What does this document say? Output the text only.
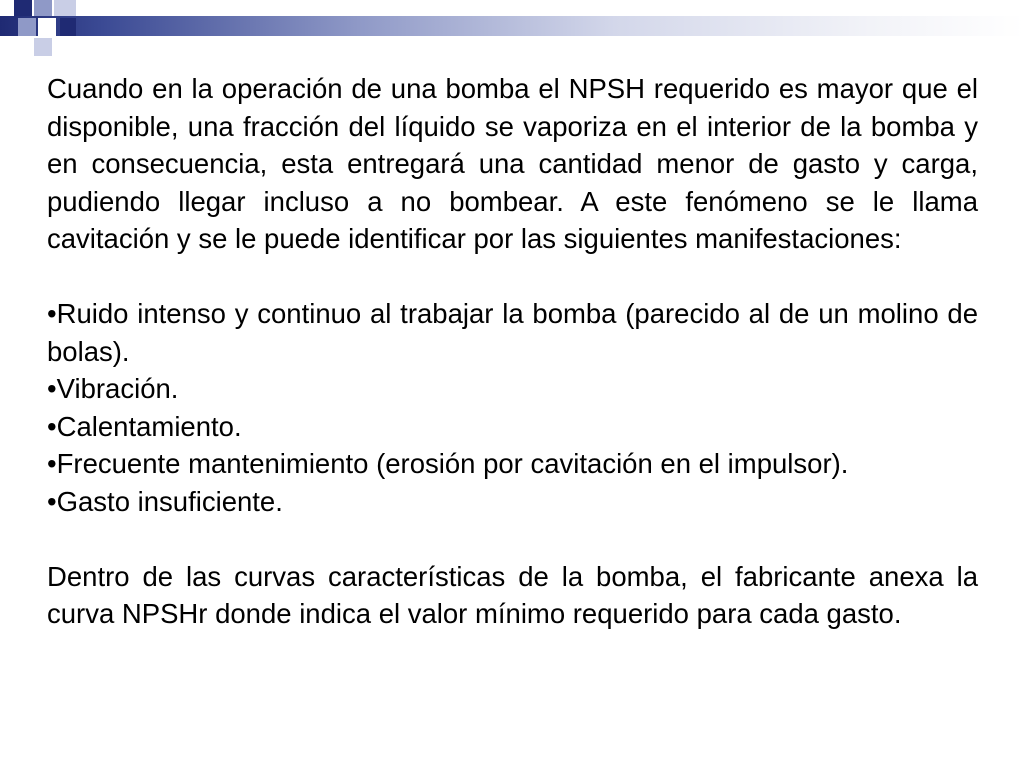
Cuando en la operación de una bomba el NPSH requerido es mayor que el disponible, una fracción del líquido se vaporiza en el interior de la bomba y en consecuencia, esta entregará una cantidad menor de gasto y carga, pudiendo llegar incluso a no bombear. A este fenómeno se le llama cavitación y se le puede identificar por las siguientes manifestaciones:

•Ruido intenso y continuo al trabajar la bomba (parecido al de un molino de bolas).

•Vibración.

•Calentamiento.

•Frecuente mantenimiento (erosión por cavitación en el impulsor).

•Gasto insuficiente.

Dentro de las curvas características de la bomba, el fabricante anexa la curva NPSHr donde indica el valor mínimo requerido para cada gasto.
